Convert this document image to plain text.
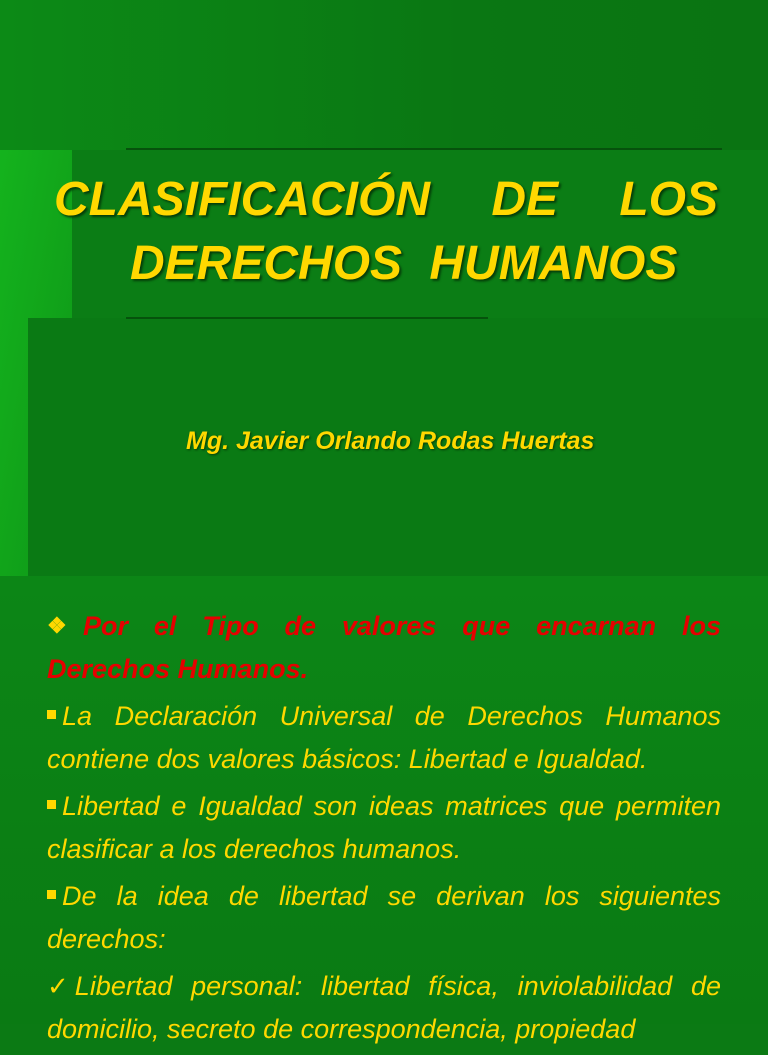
CLASIFICACIÓN DE LOS
DERECHOS HUMANOS

Mg. Javier Orlando Rodas Huertas

❖ Por el Tipo de valores que encarnan los Derechos Humanos.

La Declaración Universal de Derechos Humanos contiene dos valores básicos: Libertad e Igualdad.

Libertad e Igualdad son ideas matrices que permiten clasificar a los derechos humanos.

De la idea de libertad se derivan los siguientes derechos:

✓ Libertad personal: libertad física, inviolabilidad de domicilio, secreto de correspondencia, propiedad
